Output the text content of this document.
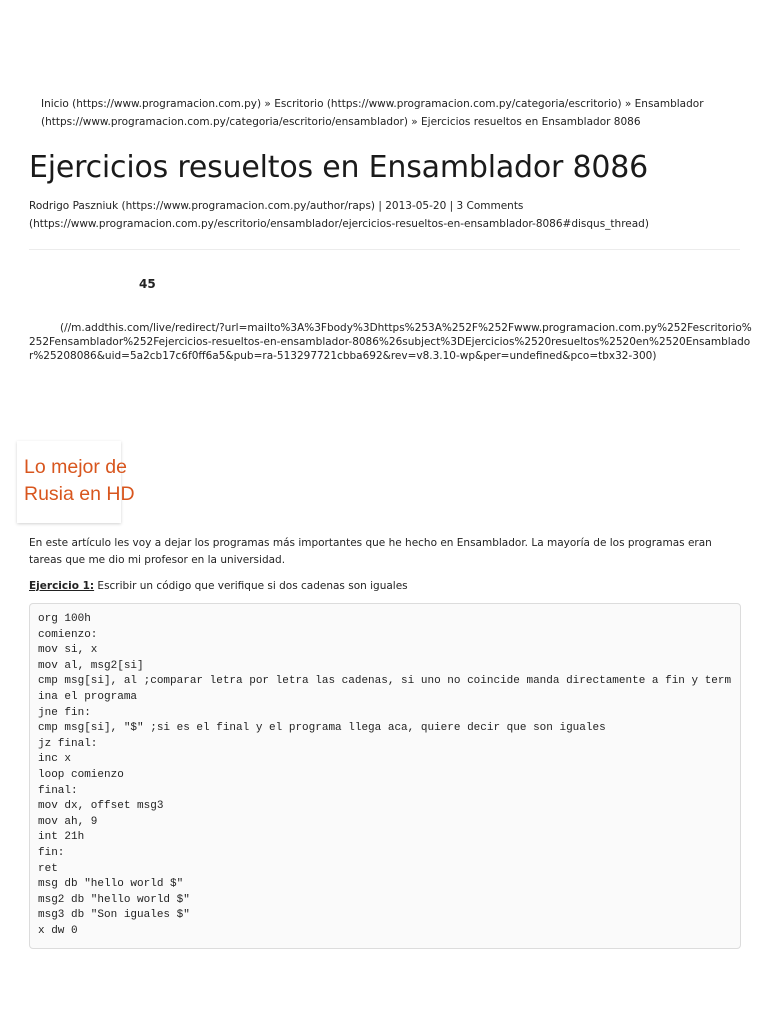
Inicio (https://www.programacion.com.py) » Escritorio (https://www.programacion.com.py/categoria/escritorio) » Ensamblador (https://www.programacion.com.py/categoria/escritorio/ensamblador) » Ejercicios resueltos en Ensamblador 8086
Ejercicios resueltos en Ensamblador 8086
Rodrigo Paszniuk (https://www.programacion.com.py/author/raps) | 2013-05-20 | 3 Comments (https://www.programacion.com.py/escritorio/ensamblador/ejercicios-resueltos-en-ensamblador-8086#disqus_thread)
45
(//m.addthis.com/live/redirect/?url=mailto%3A%3Fbody%3Dhttps%253A%252F%252Fwww.programacion.com.py%252Fescritorio%252Fensamblador%252Fejercicios-resueltos-en-ensamblador-8086%26subject%3DEjercicios%2520resueltos%2520en%2520Ensamblador%25208086&uid=5a2cb17c6f0ff6a5&pub=ra-513297721cbba692&rev=v8.3.10-wp&per=undefined&pco=tbx32-300)
Lo mejor de
Rusia en HD

En este artículo les voy a dejar los programas más importantes que he hecho en Ensamblador. La mayoría de los programas eran tareas que me dio mi profesor en la universidad.

Ejercicio 1: Escribir un código que verifique si dos cadenas son iguales

org 100h
comienzo:
mov si, x
mov al, msg2[si]
cmp msg[si], al ;comparar letra por letra las cadenas, si uno no coincide manda directamente a fin y term
ina el programa
jne fin:
cmp msg[si], "$" ;si es el final y el programa llega aca, quiere decir que son iguales
jz final:
inc x
loop comienzo
final:
mov dx, offset msg3
mov ah, 9
int 21h
fin:
ret
msg db "hello world $"
msg2 db "hello world $"
msg3 db "Son iguales $"
x dw 0
